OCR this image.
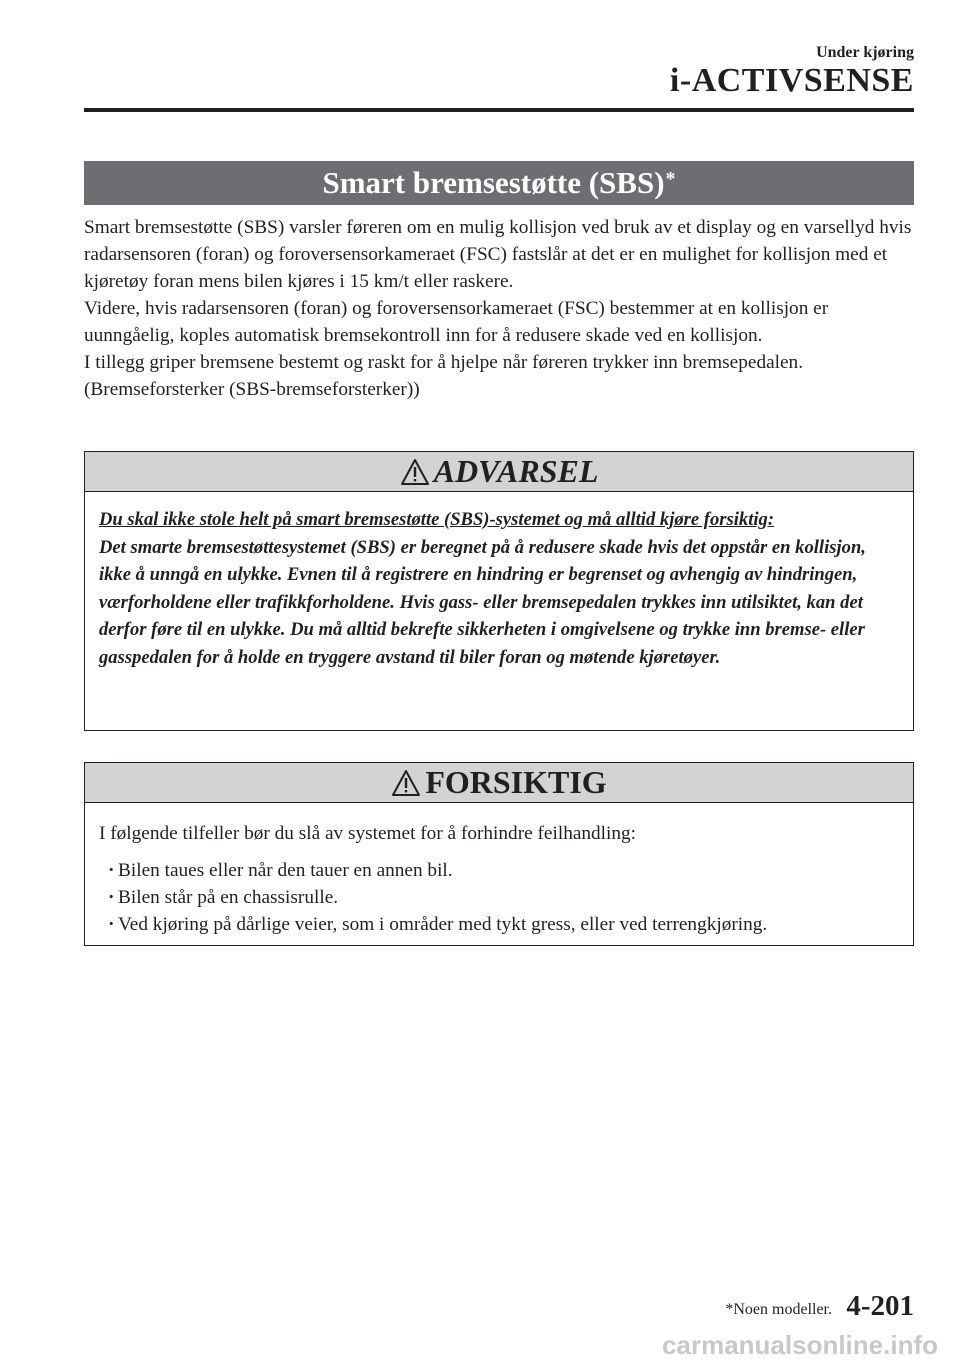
Under kjøring
i-ACTIVSENSE
Smart bremsestøtte (SBS)*

Smart bremsestøtte (SBS) varsler føreren om en mulig kollisjon ved bruk av et display og en varsellyd hvis radarsensoren (foran) og foroversensorkameraet (FSC) fastslår at det er en mulighet for kollisjon med et kjøretøy foran mens bilen kjøres i 15 km/t eller raskere.

Videre, hvis radarsensoren (foran) og foroversensorkameraet (FSC) bestemmer at en kollisjon er uunngåelig, koples automatisk bremsekontroll inn for å redusere skade ved en kollisjon.

I tillegg griper bremsene bestemt og raskt for å hjelpe når føreren trykker inn bremsepedalen. (Bremseforsterker (SBS-bremseforsterker))

ADVARSEL

Du skal ikke stole helt på smart bremsestøtte (SBS)-systemet og må alltid kjøre forsiktig:

Det smarte bremsestøttesystemet (SBS) er beregnet på å redusere skade hvis det oppstår en kollisjon, ikke å unngå en ulykke. Evnen til å registrere en hindring er begrenset og avhengig av hindringen, værforholdene eller trafikkforholdene. Hvis gass- eller bremsepedalen trykkes inn utilsiktet, kan det derfor føre til en ulykke. Du må alltid bekrefte sikkerheten i omgivelsene og trykke inn bremse- eller gasspedalen for å holde en tryggere avstand til biler foran og møtende kjøretøyer.

FORSIKTIG

I følgende tilfeller bør du slå av systemet for å forhindre feilhandling:

· Bilen taues eller når den tauer en annen bil.
· Bilen står på en chassisrulle.
· Ved kjøring på dårlige veier, som i områder med tykt gress, eller ved terrengkjøring.
*Noen modeller. 4-201
carmanualsonline.info
